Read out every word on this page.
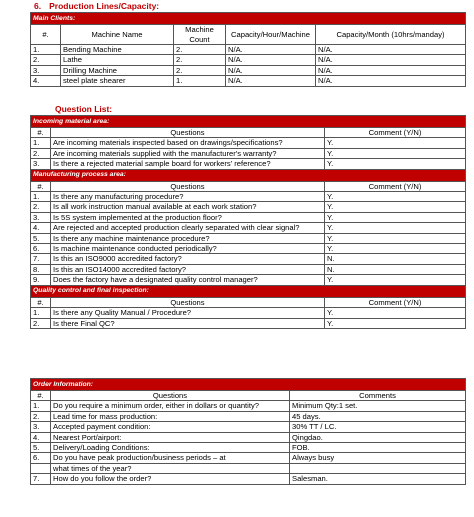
6. Production Lines/Capacity:
Main Clients:				
#.	Machine Name	Machine Count	Capacity/Hour/Machine	Capacity/Month (10hrs/manday)
1.	Bending Machine	2.	N/A.	N/A.
2.	Lathe	2.	N/A.	N/A.
3.	Drilling Machine	2.	N/A.	N/A.
4.	steel plate shearer	1.	N/A.	N/A.
Question List:
Incoming material area:		
#.	Questions	Comment (Y/N)
1.	Are incoming materials inspected based on drawings/specifications?	Y.
2.	Are incoming materials supplied with the manufacturer's warranty?	Y.
3.	Is there a rejected material sample board for workers' reference?	Y.
Manufacturing process area:		
#.	Questions	Comment (Y/N)
1.	Is there any manufacturing procedure?	Y.
2.	Is all work instruction manual available at each work station?	Y.
3.	Is 5S system implemented at the production floor?	Y.
4.	Are rejected and accepted production clearly separated with clear signal?	Y.
5.	Is there any machine maintenance procedure?	Y.
6.	Is machine maintenance conducted periodically?	Y.
7.	Is this an ISO9000 accredited factory?	N.
8.	Is this an ISO14000 accredited factory?	N.
9.	Does the factory have a designated quality control manager?	Y.
Quality control and final inspection:		
#.	Questions	Comment (Y/N)
1.	Is there any Quality Manual / Procedure?	Y.
2.	Is there Final QC?	Y.
Order Information:		
#.	Questions	Comments
1.	Do you require a minimum order, either in dollars or quantity?	Minimum Qty:1 set.
2.	Lead time for mass production:	45 days.
3.	Accepted payment condition:	30% TT / LC.
4.	Nearest Port/airport:	Qingdao.
5.	Delivery/Loading Conditions:	FOB.
6.	Do you have peak production/business periods – at	Always busy
	what times of the year?	
7.	How do you follow the order?	Salesman.
